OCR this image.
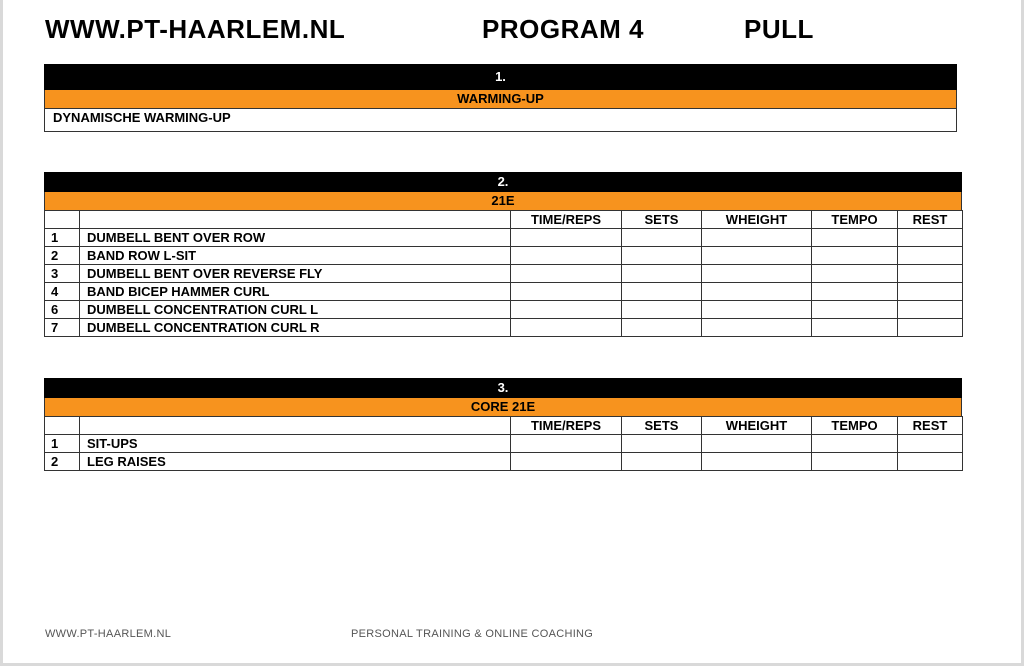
WWW.PT-HAARLEM.NL	PROGRAM 4	PULL
1.
WARMING-UP
DYNAMISCHE WARMING-UP
2.
21E
		TIME/REPS	SETS	WHEIGHT	TEMPO	REST
1	DUMBELL BENT OVER ROW					
2	BAND ROW L-SIT					
3	DUMBELL BENT OVER REVERSE FLY					
4	BAND BICEP HAMMER CURL					
6	DUMBELL CONCENTRATION CURL L					
7	DUMBELL CONCENTRATION CURL R					
3.
CORE 21E
		TIME/REPS	SETS	WHEIGHT	TEMPO	REST
1	SIT-UPS					
2	LEG RAISES					
WWW.PT-HAARLEM.NL	PERSONAL TRAINING & ONLINE COACHING
